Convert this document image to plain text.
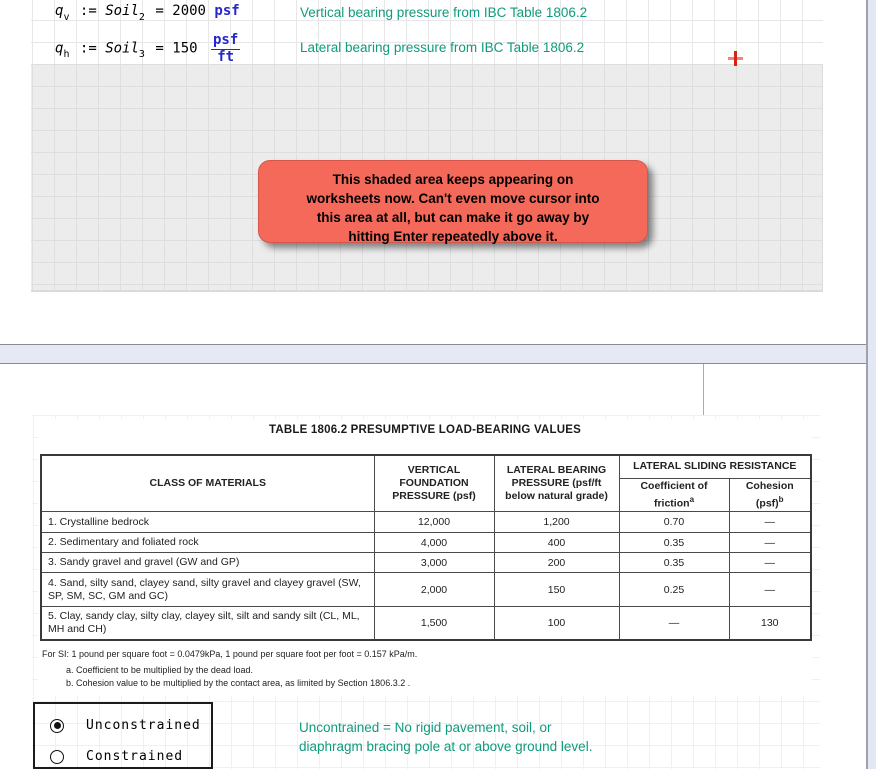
$q_v$ := Soil$_2$ = 2000 psf
$q_h$ := Soil$_3$ = $150 \frac{\text{psf}}{ft}$
Vertical bearing pressure from IBC Table 1806.2
Lateral bearing pressure from IBC Table 1806.2
This shaded area keeps appearing on
worksheets now. Can't even move cursor into
this area at all, but can make it go away by
hitting Enter repeatedly above it.
TABLE 1806.2 PRESUMPTIVE LOAD-BEARING VALUES
CLASS OF MATERIALS	VERTICAL FOUNDATION PRESSURE (psf)	LATERAL BEARING PRESSURE (psf/ft below natural grade)	LATERAL SLIDING RESISTANCE	
			Coefficient of friction$^a$	Cohesion (psf)$^b$
1. Crystalline bedrock	12,000	1,200	0.70	—
2. Sedimentary and foliated rock	4,000	400	0.35	—
3. Sandy gravel and gravel (GW and GP)	3,000	200	0.35	—
4. Sand, silty sand, clayey sand, silty gravel and clayey gravel (SW, SP, SM, SC, GM and GC)	2,000	150	0.25	—
5. Clay, sandy clay, silty clay, clayey silt, silt and sandy silt (CL, ML, MH and CH)	1,500	100	—	130
For SI: 1 pound per square foot = 0.0479kPa, 1 pound per square foot per foot = 0.157 kPa/m.
a. Coefficient to be multiplied by the dead load.
b. Cohesion value to be multiplied by the contact area, as limited by Section 1806.3.2 .
Unconstrained
Constrained
Uncontrained = No rigid pavement, soil, or
diaphragm bracing pole at or above ground level.
